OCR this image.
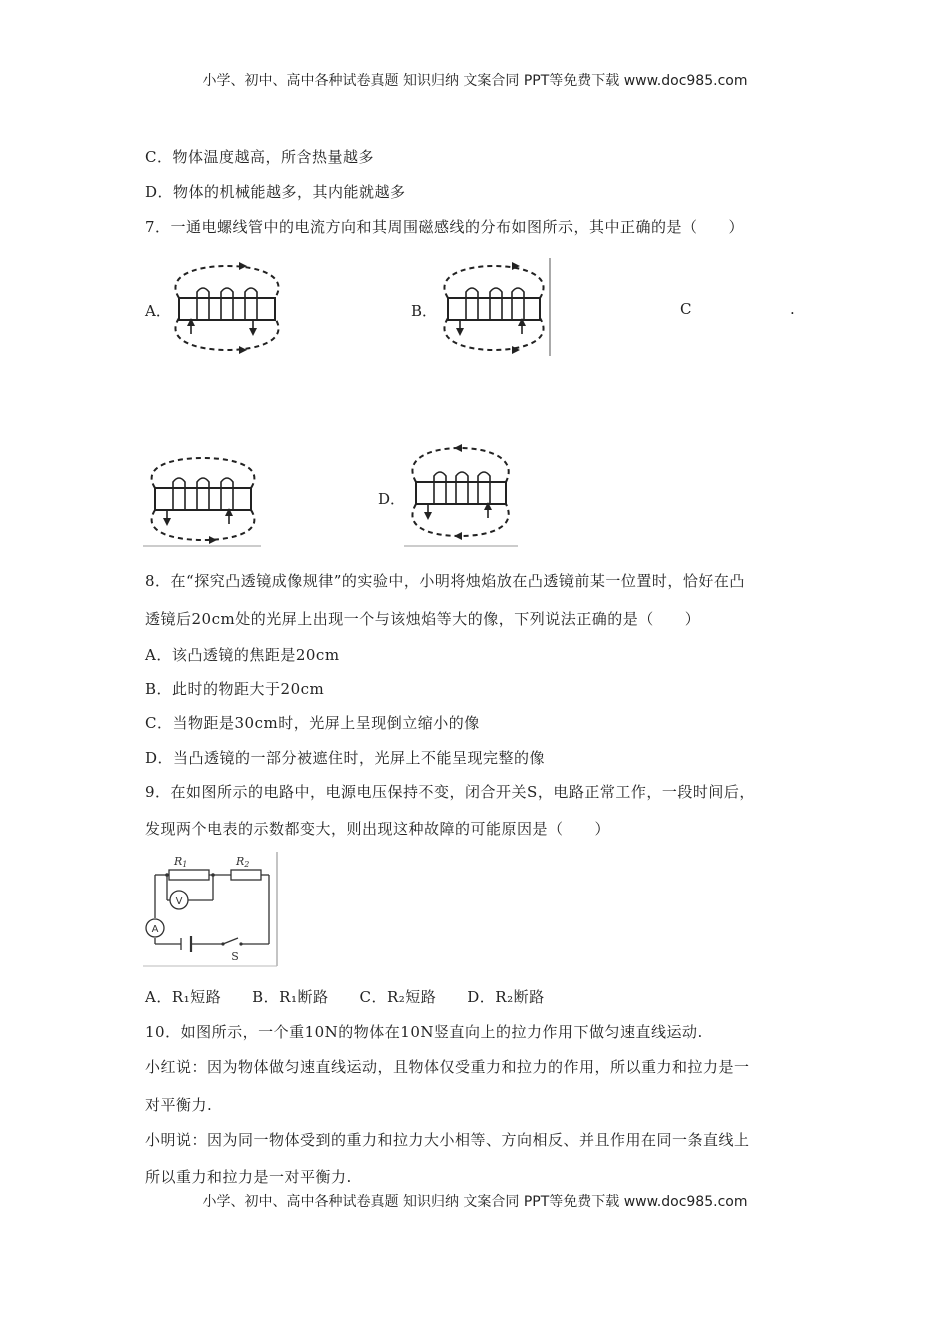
小学、初中、高中各种试卷真题 知识归纳 文案合同 PPT等免费下载 www.doc985.com
C．物体温度越高，所含热量越多
D．物体的机械能越多，其内能就越多
7．一通电螺线管中的电流方向和其周围磁感线的分布如图所示，其中正确的是（　　）
A．	B．	C	.
D．
8．在“探究凸透镜成像规律”的实验中，小明将烛焰放在凸透镜前某一位置时，恰好在凸
透镜后20cm处的光屏上出现一个与该烛焰等大的像，下列说法正确的是（　　）
A．该凸透镜的焦距是20cm
B．此时的物距大于20cm
C．当物距是30cm时，光屏上呈现倒立缩小的像
D．当凸透镜的一部分被遮住时，光屏上不能呈现完整的像
9．在如图所示的电路中，电源电压保持不变，闭合开关S，电路正常工作，一段时间后，
发现两个电表的示数都变大，则出现这种故障的可能原因是（　　）
R1	R2
V
A
S
A．R₁短路　　B．R₁断路　　C．R₂短路　　D．R₂断路
10．如图所示，一个重10N的物体在10N竖直向上的拉力作用下做匀速直线运动.
小红说：因为物体做匀速直线运动，且物体仅受重力和拉力的作用，所以重力和拉力是一
对平衡力.
小明说：因为同一物体受到的重力和拉力大小相等、方向相反、并且作用在同一条直线上
所以重力和拉力是一对平衡力.
小学、初中、高中各种试卷真题 知识归纳 文案合同 PPT等免费下载 www.doc985.com
